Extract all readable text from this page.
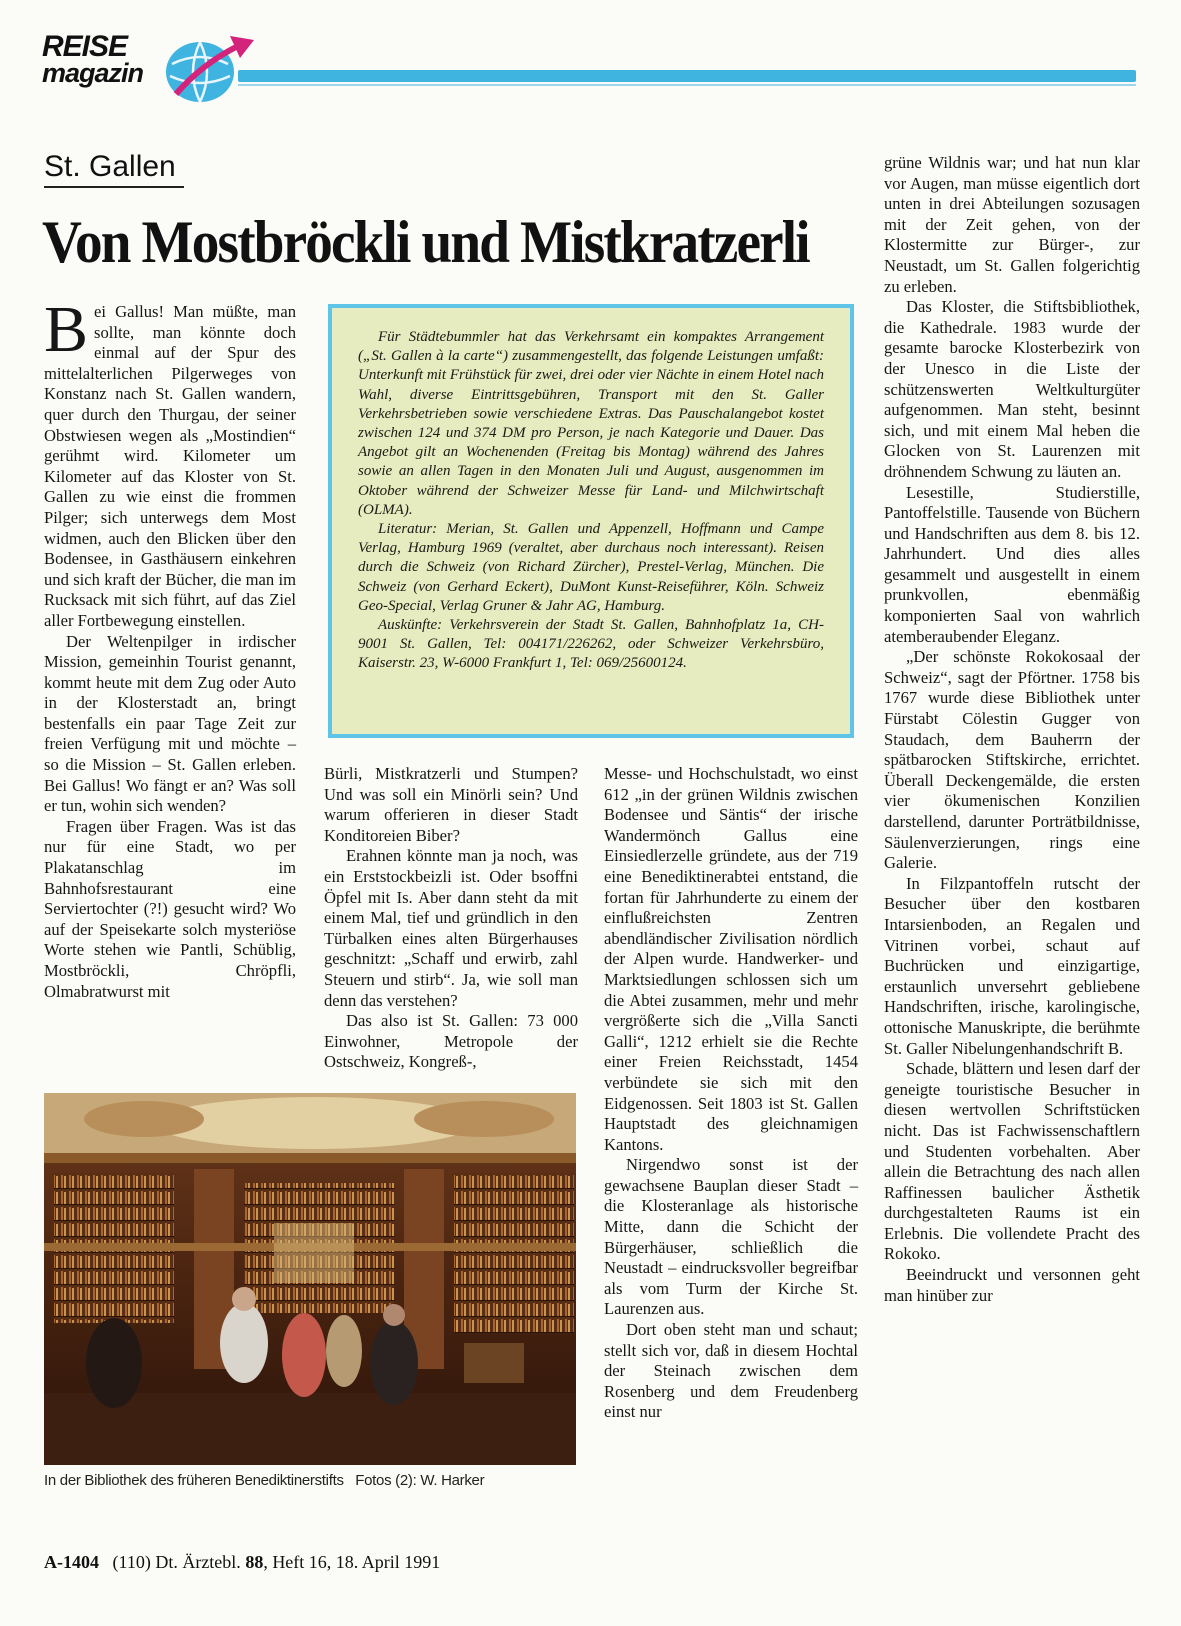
REISE
magazin
St. Gallen
Von Mostbröckli und Mistkratzerli

Bei Gallus! Man müßte, man sollte, man könnte doch einmal auf der Spur des mittelalterlichen Pilgerweges von Konstanz nach St. Gallen wandern, quer durch den Thurgau, der seiner Obstwiesen wegen als „Mostindien“ gerühmt wird. Kilometer um Kilometer auf das Kloster von St. Gallen zu wie einst die frommen Pilger; sich unterwegs dem Most widmen, auch den Blicken über den Bodensee, in Gasthäusern einkehren und sich kraft der Bücher, die man im Rucksack mit sich führt, auf das Ziel aller Fortbewegung einstellen.

Der Weltenpilger in irdischer Mission, gemeinhin Tourist genannt, kommt heute mit dem Zug oder Auto in der Klosterstadt an, bringt bestenfalls ein paar Tage Zeit zur freien Verfügung mit und möchte – so die Mission – St. Gallen erleben. Bei Gallus! Wo fängt er an? Was soll er tun, wohin sich wenden?

Fragen über Fragen. Was ist das nur für eine Stadt, wo per Plakatanschlag im Bahnhofsrestaurant eine Serviertochter (?!) gesucht wird? Wo auf der Speisekarte solch mysteriöse Worte stehen wie Pantli, Schüblig, Mostbröckli, Chröpfli, Olmabratwurst mit

Für Städtebummler hat das Verkehrsamt ein kompaktes Arrangement („St. Gallen à la carte“) zusammengestellt, das folgende Leistungen umfaßt: Unterkunft mit Frühstück für zwei, drei oder vier Nächte in einem Hotel nach Wahl, diverse Eintrittsgebühren, Transport mit den St. Galler Verkehrsbetrieben sowie verschiedene Extras. Das Pauschalangebot kostet zwischen 124 und 374 DM pro Person, je nach Kategorie und Dauer. Das Angebot gilt an Wochenenden (Freitag bis Montag) während des Jahres sowie an allen Tagen in den Monaten Juli und August, ausgenommen im Oktober während der Schweizer Messe für Land- und Milchwirtschaft (OLMA).

Literatur: Merian, St. Gallen und Appenzell, Hoffmann und Campe Verlag, Hamburg 1969 (veraltet, aber durchaus noch interessant). Reisen durch die Schweiz (von Richard Zürcher), Prestel-Verlag, München. Die Schweiz (von Gerhard Eckert), DuMont Kunst-Reiseführer, Köln. Schweiz Geo-Special, Verlag Gruner & Jahr AG, Hamburg.

Auskünfte: Verkehrsverein der Stadt St. Gallen, Bahnhofplatz 1a, CH-9001 St. Gallen, Tel: 004171/226262, oder Schweizer Verkehrsbüro, Kaiserstr. 23, W-6000 Frankfurt 1, Tel: 069/25600124.

Bürli, Mistkratzerli und Stumpen? Und was soll ein Minörli sein? Und warum offerieren in dieser Stadt Konditoreien Biber?

Erahnen könnte man ja noch, was ein Erststockbeizli ist. Oder bsoffni Öpfel mit Is. Aber dann steht da mit einem Mal, tief und gründlich in den Türbalken eines alten Bürgerhauses geschnitzt: „Schaff und erwirb, zahl Steuern und stirb“. Ja, wie soll man denn das verstehen?

Das also ist St. Gallen: 73 000 Einwohner, Metropole der Ostschweiz, Kongreß-,

Messe- und Hochschulstadt, wo einst 612 „in der grünen Wildnis zwischen Bodensee und Säntis“ der irische Wandermönch Gallus eine Einsiedlerzelle gründete, aus der 719 eine Benediktinerabtei entstand, die fortan für Jahrhunderte zu einem der einflußreichsten Zentren abendländischer Zivilisation nördlich der Alpen wurde. Handwerker- und Marktsiedlungen schlossen sich um die Abtei zusammen, mehr und mehr vergrößerte sich die „Villa Sancti Galli“, 1212 erhielt sie die Rechte einer Freien Reichsstadt, 1454 verbündete sie sich mit den Eidgenossen. Seit 1803 ist St. Gallen Hauptstadt des gleichnamigen Kantons.

Nirgendwo sonst ist der gewachsene Bauplan dieser Stadt – die Klosteranlage als historische Mitte, dann die Schicht der Bürgerhäuser, schließlich die Neustadt – eindrucksvoller begreifbar als vom Turm der Kirche St. Laurenzen aus.

Dort oben steht man und schaut; stellt sich vor, daß in diesem Hochtal der Steinach zwischen dem Rosenberg und dem Freudenberg einst nur

grüne Wildnis war; und hat nun klar vor Augen, man müsse eigentlich dort unten in drei Abteilungen sozusagen mit der Zeit gehen, von der Klostermitte zur Bürger-, zur Neustadt, um St. Gallen folgerichtig zu erleben.

Das Kloster, die Stiftsbibliothek, die Kathedrale. 1983 wurde der gesamte barocke Klosterbezirk von der Unesco in die Liste der schützenswerten Weltkulturgüter aufgenommen. Man steht, besinnt sich, und mit einem Mal heben die Glocken von St. Laurenzen mit dröhnendem Schwung zu läuten an.

Lesestille, Studierstille, Pantoffelstille. Tausende von Büchern und Handschriften aus dem 8. bis 12. Jahrhundert. Und dies alles gesammelt und ausgestellt in einem prunkvollen, ebenmäßig komponierten Saal von wahrlich atemberaubender Eleganz.

„Der schönste Rokokosaal der Schweiz“, sagt der Pförtner. 1758 bis 1767 wurde diese Bibliothek unter Fürstabt Cölestin Gugger von Staudach, dem Bauherrn der spätbarocken Stiftskirche, errichtet. Überall Deckengemälde, die ersten vier ökumenischen Konzilien darstellend, darunter Porträtbildnisse, Säulenverzierungen, rings eine Galerie.

In Filzpantoffeln rutscht der Besucher über den kostbaren Intarsienboden, an Regalen und Vitrinen vorbei, schaut auf Buchrücken und einzigartige, erstaunlich unversehrt gebliebene Handschriften, irische, karolingische, ottonische Manuskripte, die berühmte St. Galler Nibelungenhandschrift B.

Schade, blättern und lesen darf der geneigte touristische Besucher in diesen wertvollen Schriftstücken nicht. Das ist Fachwissenschaftlern und Studenten vorbehalten. Aber allein die Betrachtung des nach allen Raffinessen baulicher Ästhetik durchgestalteten Raums ist ein Erlebnis. Die vollendete Pracht des Rokoko.

Beeindruckt und versonnen geht man hinüber zur

In der Bibliothek des früheren Benediktinerstifts Fotos (2): W. Harker
A-1404 (110) Dt. Ärztebl. 88, Heft 16, 18. April 1991
